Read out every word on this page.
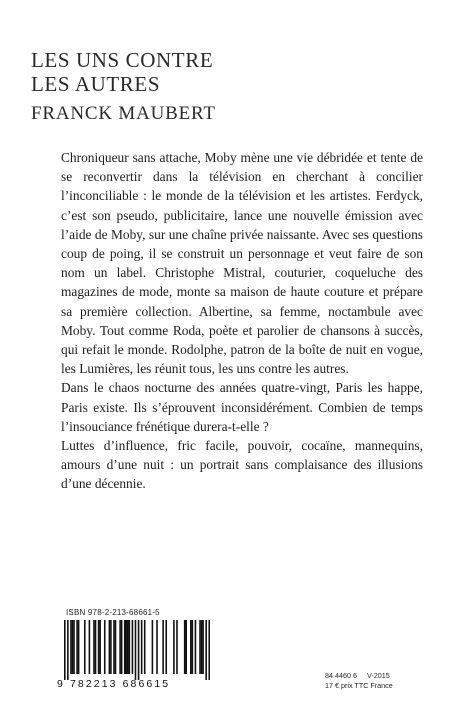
LES UNS CONTRE
LES AUTRES
FRANCK MAUBERT

Chroniqueur sans attache, Moby mène une vie débridée et tente de se reconvertir dans la télévision en cherchant à concilier l’inconciliable : le monde de la télévision et les artistes. Ferdyck, c’est son pseudo, publicitaire, lance une nouvelle émission avec l’aide de Moby, sur une chaîne privée naissante. Avec ses questions coup de poing, il se construit un personnage et veut faire de son nom un label. Christophe Mistral, couturier, coqueluche des magazines de mode, monte sa maison de haute couture et prépare sa première collection. Albertine, sa femme, noctambule avec Moby. Tout comme Roda, poète et parolier de chansons à succès, qui refait le monde. Rodolphe, patron de la boîte de nuit en vogue, les Lumières, les réunit tous, les uns contre les autres.

Dans le chaos nocturne des années quatre-vingt, Paris les happe, Paris existe. Ils s’éprouvent inconsidérément. Combien de temps l’insouciance frénétique durera-t-elle ?

Luttes d’influence, fric facile, pouvoir, cocaïne, mannequins, amours d’une nuit : un portrait sans complaisance des illusions d’une décennie.

ISBN 978-2-213-68661-5
9 782213 686615
84 4460 6 V-2015
17 € prix TTC France
